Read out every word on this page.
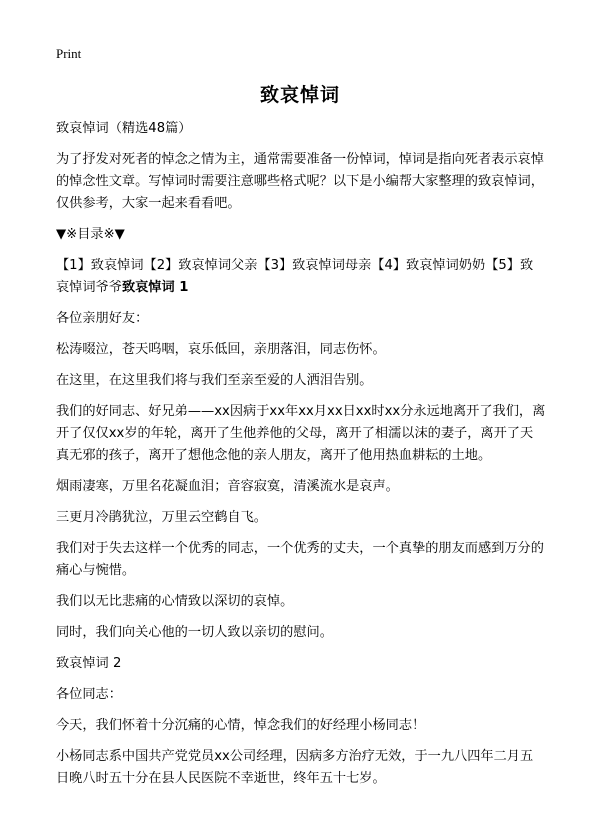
Print
致哀悼词

致哀悼词（精选48篇）

为了抒发对死者的悼念之情为主，通常需要准备一份悼词，悼词是指向死者表示哀悼的悼念性文章。写悼词时需要注意哪些格式呢？以下是小编帮大家整理的致哀悼词，仅供参考，大家一起来看看吧。

▼※目录※▼

【1】致哀悼词【2】致哀悼词父亲【3】致哀悼词母亲【4】致哀悼词奶奶【5】致哀悼词爷爷致哀悼词 1

各位亲朋好友：

松涛啜泣，苍天呜咽，哀乐低回，亲朋落泪，同志伤怀。

在这里，在这里我们将与我们至亲至爱的人洒泪告别。

我们的好同志、好兄弟——xx因病于xx年xx月xx日xx时xx分永远地离开了我们，离开了仅仅xx岁的年轮，离开了生他养他的父母，离开了相濡以沫的妻子，离开了天真无邪的孩子，离开了想他念他的亲人朋友，离开了他用热血耕耘的土地。

烟雨凄寒，万里名花凝血泪；音容寂寞，清溪流水是哀声。

三更月冷鹃犹泣，万里云空鹤自飞。

我们对于失去这样一个优秀的同志，一个优秀的丈夫，一个真挚的朋友而感到万分的 痛心与惋惜。

我们以无比悲痛的心情致以深切的哀悼。

同时，我们向关心他的一切人致以亲切的慰问。

致哀悼词 2

各位同志：

今天，我们怀着十分沉痛的心情，悼念我们的好经理小杨同志！

小杨同志系中国共产党党员xx公司经理，因病多方治疗无效，于一九八四年二月五日晚八时五十分在县人民医院不幸逝世，终年五十七岁。
